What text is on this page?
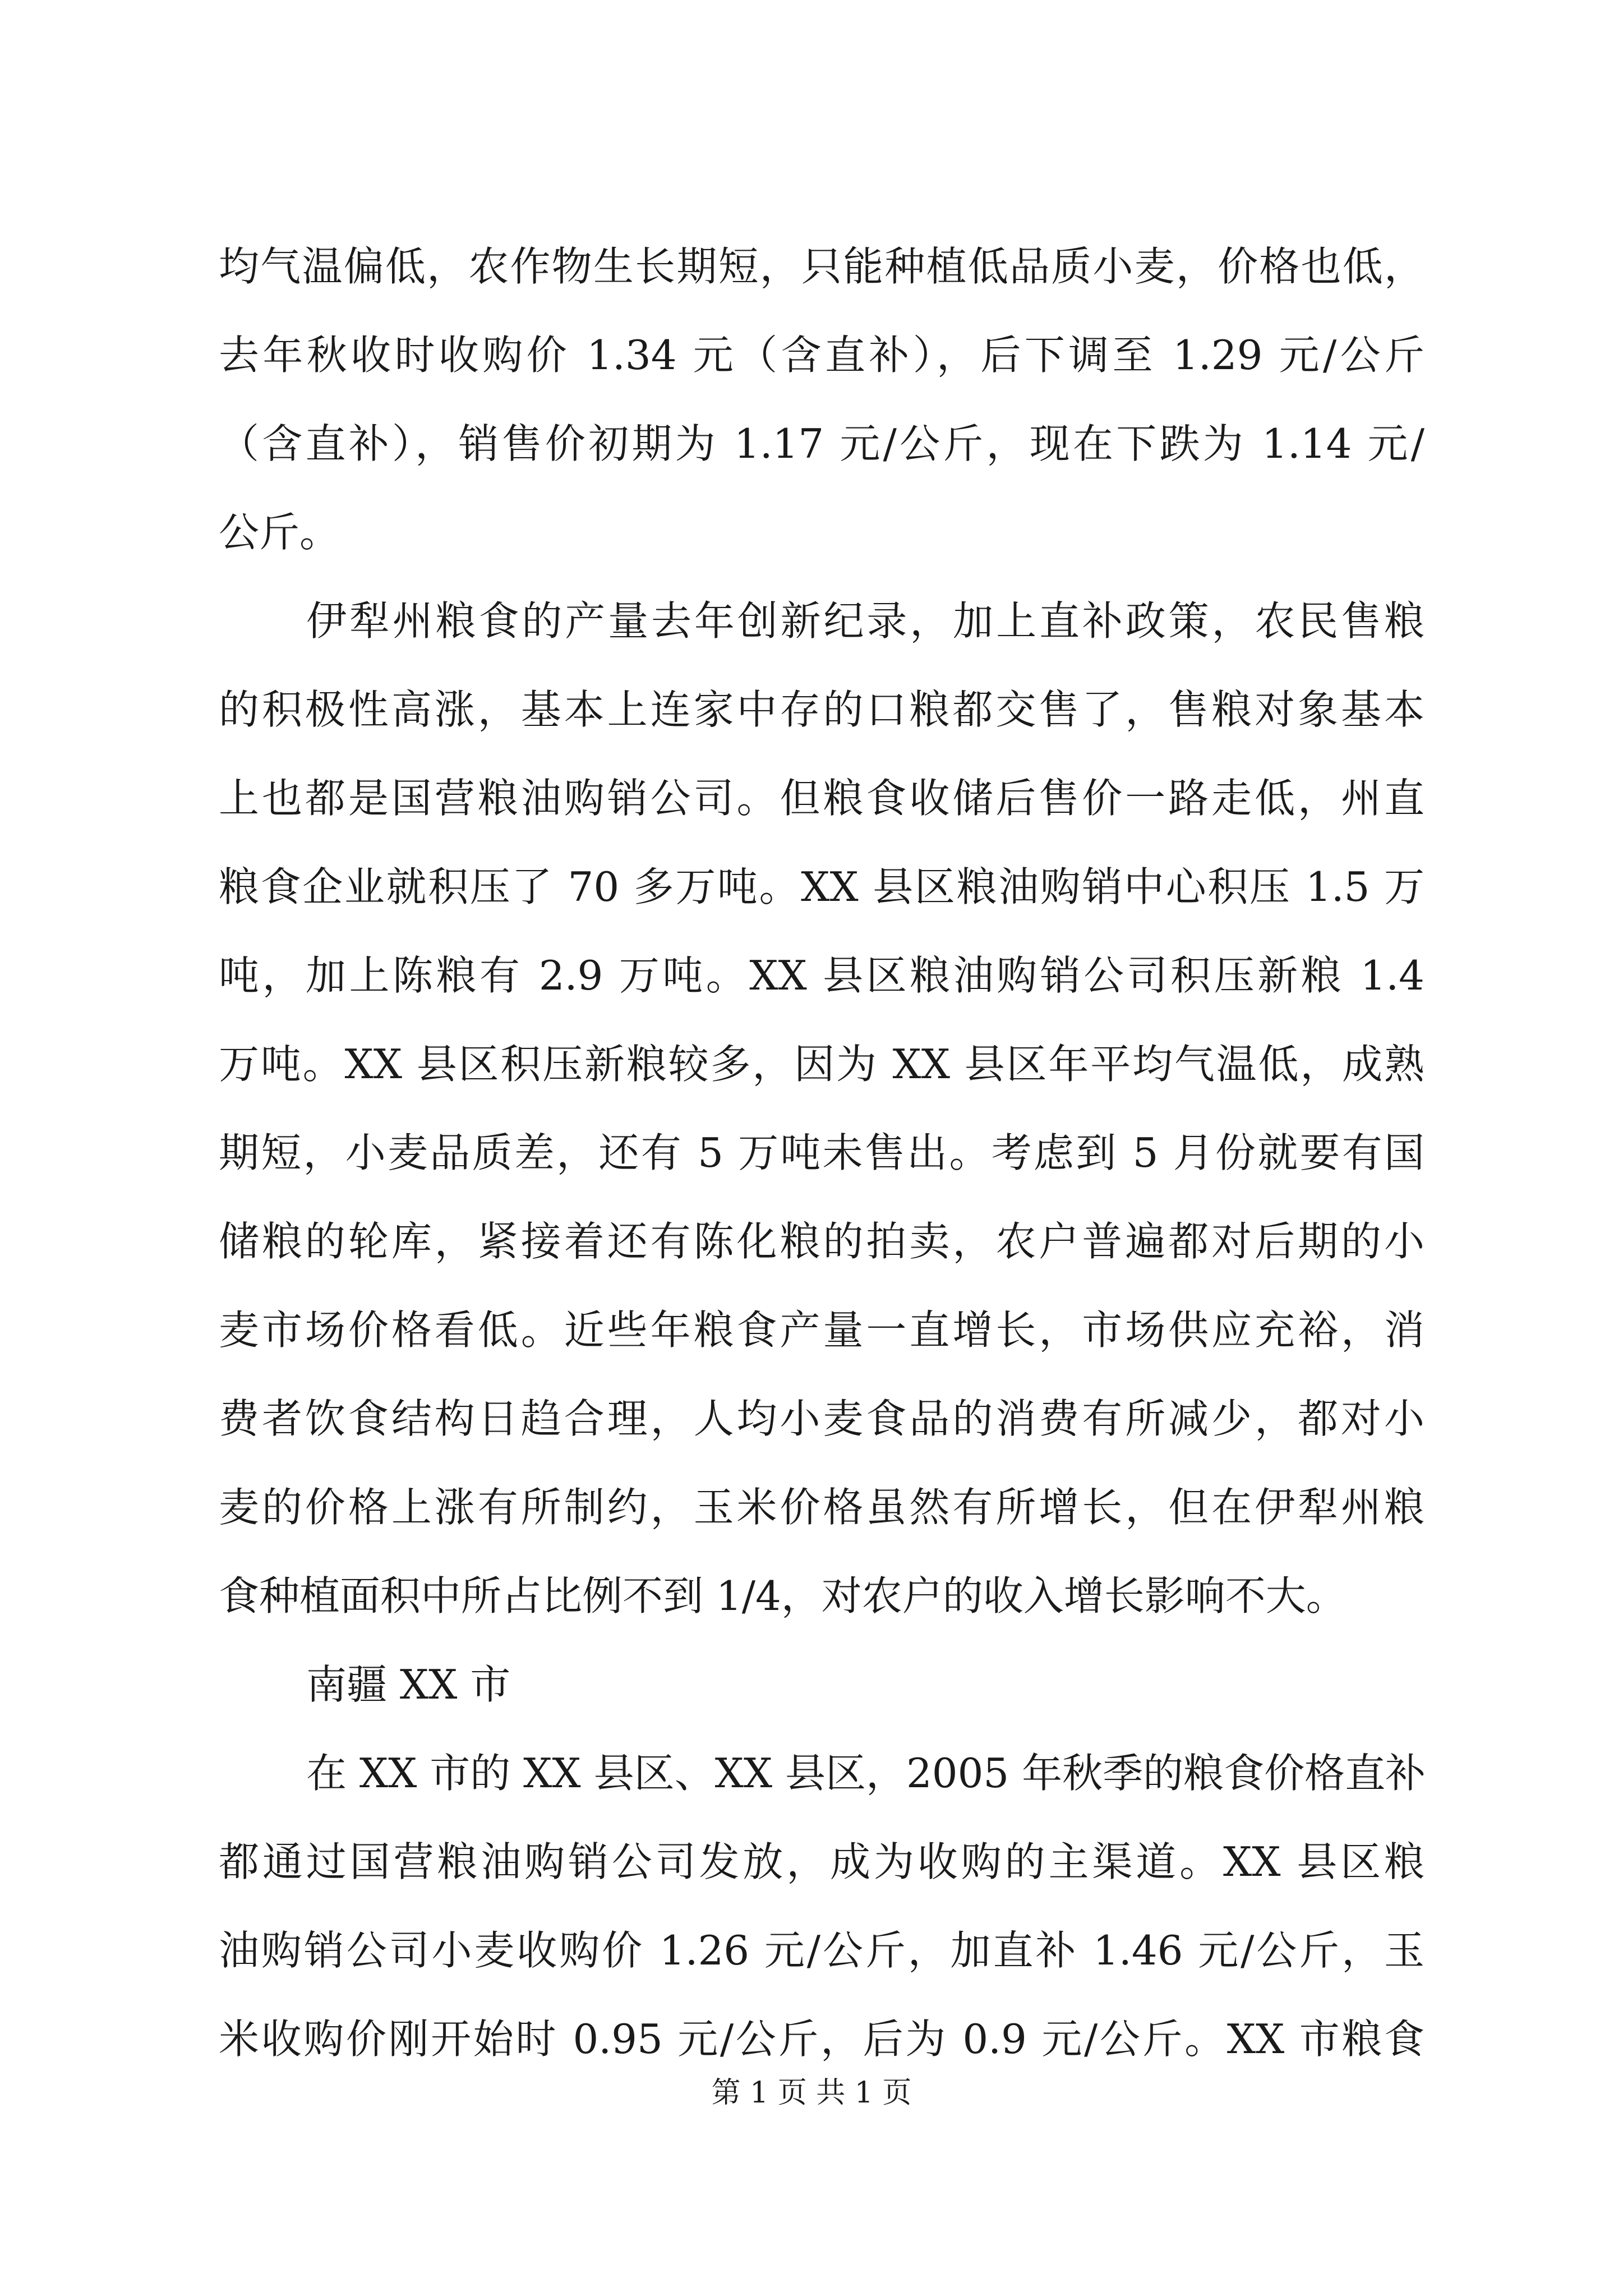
均气温偏低，农作物生长期短，只能种植低品质小麦，价格也低，
去年秋收时收购价 1.34 元（含直补），后下调至 1.29 元/公斤
（含直补），销售价初期为 1.17 元/公斤，现在下跌为 1.14 元/
公斤。
伊犁州粮食的产量去年创新纪录，加上直补政策，农民售粮
的积极性高涨，基本上连家中存的口粮都交售了，售粮对象基本
上也都是国营粮油购销公司。但粮食收储后售价一路走低，州直
粮食企业就积压了 70 多万吨。XX 县区粮油购销中心积压 1.5 万
吨，加上陈粮有 2.9 万吨。XX 县区粮油购销公司积压新粮 1.4
万吨。XX 县区积压新粮较多，因为 XX 县区年平均气温低，成熟
期短，小麦品质差，还有 5 万吨未售出。考虑到 5 月份就要有国
储粮的轮库，紧接着还有陈化粮的拍卖，农户普遍都对后期的小
麦市场价格看低。近些年粮食产量一直增长，市场供应充裕，消
费者饮食结构日趋合理，人均小麦食品的消费有所减少，都对小
麦的价格上涨有所制约，玉米价格虽然有所增长，但在伊犁州粮
食种植面积中所占比例不到 1/4，对农户的收入增长影响不大。
南疆 XX 市
在 XX 市的 XX 县区、XX 县区，2005 年秋季的粮食价格直补
都通过国营粮油购销公司发放，成为收购的主渠道。XX 县区粮
油购销公司小麦收购价 1.26 元/公斤，加直补 1.46 元/公斤，玉
米收购价刚开始时 0.95 元/公斤，后为 0.9 元/公斤。XX 市粮食
第 1 页 共 1 页
